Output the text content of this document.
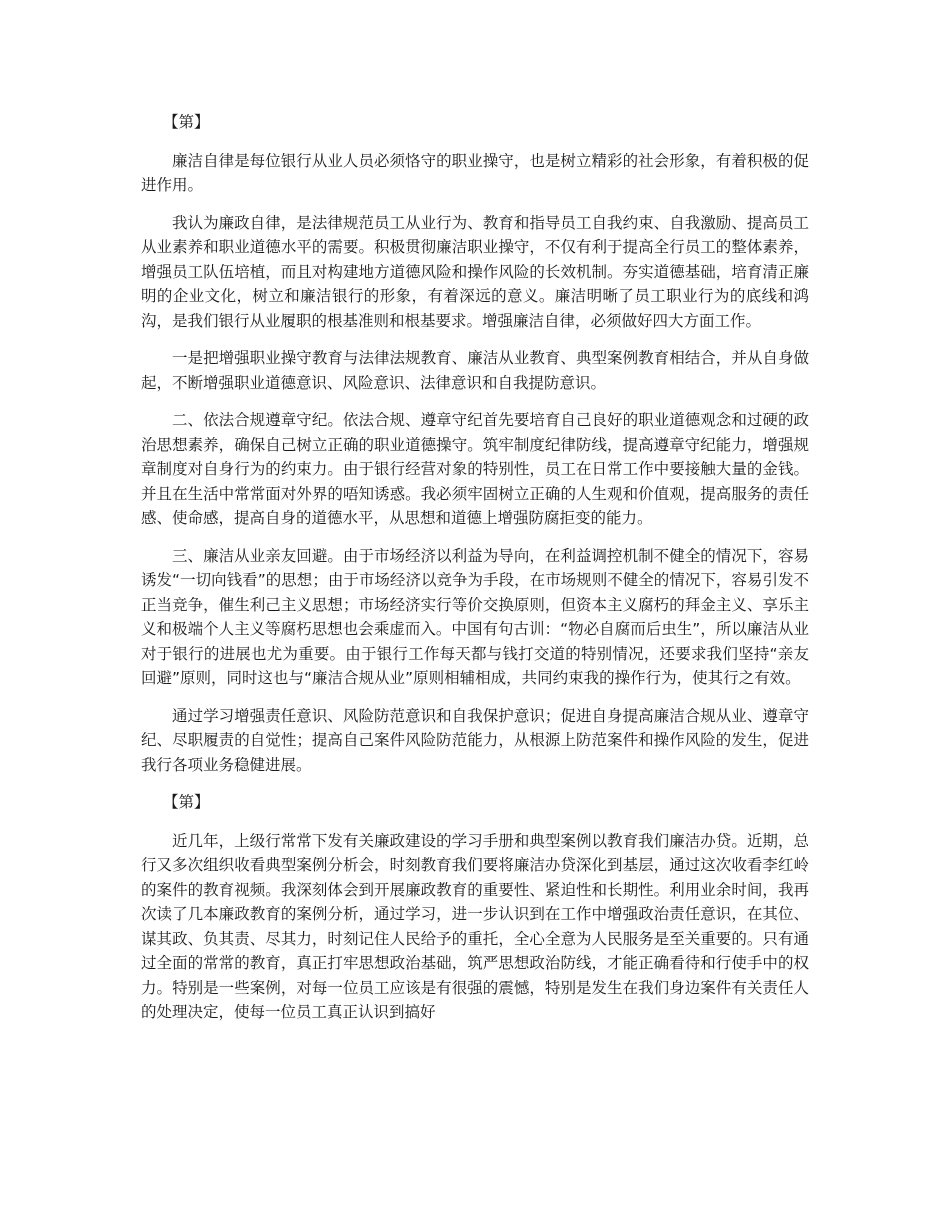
【第】

廉洁自律是每位银行从业人员必须恪守的职业操守，也是树立精彩的社会形象，有着积极的促进作用。

我认为廉政自律，是法律规范员工从业行为、教育和指导员工自我约束、自我激励、提高员工从业素养和职业道德水平的需要。积极贯彻廉洁职业操守，不仅有利于提高全行员工的整体素养，增强员工队伍培植，而且对构建地方道德风险和操作风险的长效机制。夯实道德基础，培育清正廉明的企业文化，树立和廉洁银行的形象，有着深远的意义。廉洁明晰了员工职业行为的底线和鸿沟，是我们银行从业履职的根基准则和根基要求。增强廉洁自律，必须做好四大方面工作。

一是把增强职业操守教育与法律法规教育、廉洁从业教育、典型案例教育相结合，并从自身做起，不断增强职业道德意识、风险意识、法律意识和自我提防意识。

二、依法合规遵章守纪。依法合规、遵章守纪首先要培育自己良好的职业道德观念和过硬的政治思想素养，确保自己树立正确的职业道德操守。筑牢制度纪律防线，提高遵章守纪能力，增强规章制度对自身行为的约束力。由于银行经营对象的特别性，员工在日常工作中要接触大量的金钱。并且在生活中常常面对外界的唔知诱惑。我必须牢固树立正确的人生观和价值观，提高服务的责任感、使命感，提高自身的道德水平，从思想和道德上增强防腐拒变的能力。

三、廉洁从业亲友回避。由于市场经济以利益为导向，在利益调控机制不健全的情况下，容易诱发“一切向钱看”的思想；由于市场经济以竞争为手段，在市场规则不健全的情况下，容易引发不正当竞争，催生利己主义思想；市场经济实行等价交换原则，但资本主义腐朽的拜金主义、享乐主义和极端个人主义等腐朽思想也会乘虚而入。中国有句古训：“物必自腐而后虫生”，所以廉洁从业对于银行的进展也尤为重要。由于银行工作每天都与钱打交道的特别情况，还要求我们坚持“亲友回避”原则，同时这也与“廉洁合规从业”原则相辅相成，共同约束我的操作行为，使其行之有效。

通过学习增强责任意识、风险防范意识和自我保护意识；促进自身提高廉洁合规从业、遵章守纪、尽职履责的自觉性；提高自己案件风险防范能力，从根源上防范案件和操作风险的发生，促进我行各项业务稳健进展。

【第】

近几年，上级行常常下发有关廉政建设的学习手册和典型案例以教育我们廉洁办贷。近期，总行又多次组织收看典型案例分析会，时刻教育我们要将廉洁办贷深化到基层，通过这次收看李红岭的案件的教育视频。我深刻体会到开展廉政教育的重要性、紧迫性和长期性。利用业余时间，我再次读了几本廉政教育的案例分析，通过学习，进一步认识到在工作中增强政治责任意识，在其位、谋其政、负其责、尽其力，时刻记住人民给予的重托，全心全意为人民服务是至关重要的。只有通过全面的常常的教育，真正打牢思想政治基础，筑严思想政治防线，才能正确看待和行使手中的权力。特别是一些案例，对每一位员工应该是有很强的震憾，特别是发生在我们身边案件有关责任人的处理决定，使每一位员工真正认识到搞好
